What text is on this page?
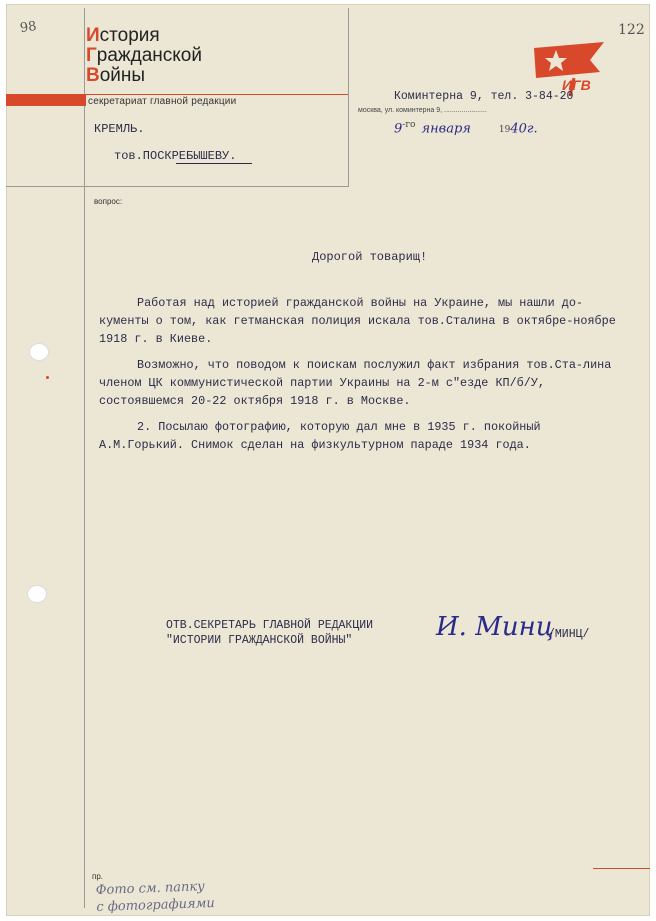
98	122
История
Гражданской
Войны
секретариат главной редакции
ИГВ
Коминтерна 9, тел. 3-84-20
москва, ул. коминтерна 9, ......................
$9^{-го}$ января	1940г.
КРЕМЛЬ.
тов.ПОСКРЕБЫШЕВУ.
вопрос:
Дорогой товарищ!

Работая над историей гражданской войны на Украине, мы нашли до-кументы о том, как гетманская полиция искала тов.Сталина в октябре-ноябре 1918 г. в Киеве.

Возможно, что поводом к поискам послужил факт избрания тов.Ста-лина членом ЦК коммунистической партии Украины на 2-м с"езде КП/б/У, состоявшемся 20-22 октября 1918 г. в Москве.

2. Посылаю фотографию, которую дал мне в 1935 г. покойный А.М.Горький. Снимок сделан на физкультурном параде 1934 года.

ОТВ.СЕКРЕТАРЬ ГЛАВНОЙ РЕДАКЦИИ
"ИСТОРИИ ГРАЖДАНСКОЙ ВОЙНЫ"	И. Минц
/МИНЦ/
пр.
Фото см. папку
с фотографиями
